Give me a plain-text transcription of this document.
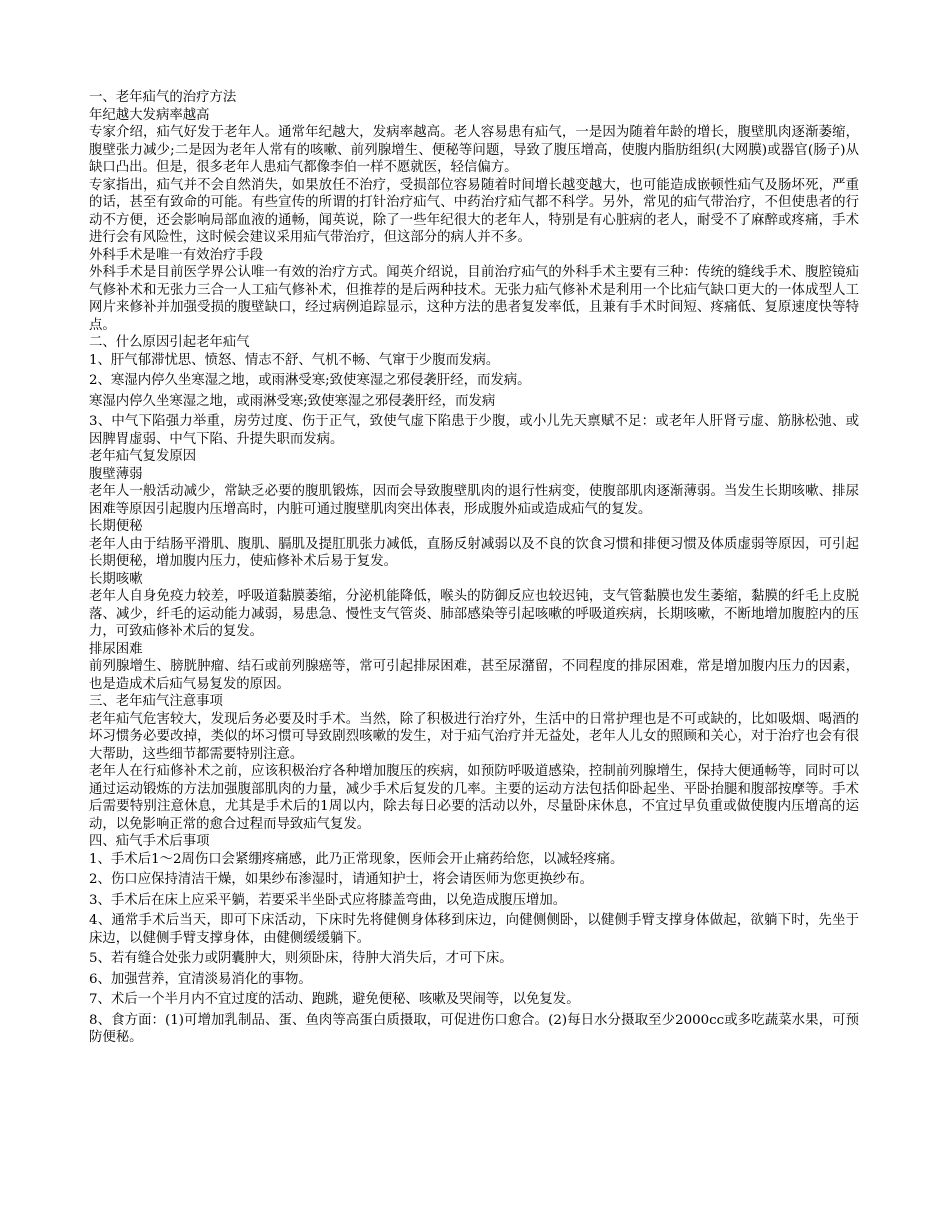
一、老年疝气的治疗方法

年纪越大发病率越高

专家介绍，疝气好发于老年人。通常年纪越大，发病率越高。老人容易患有疝气，一是因为随着年龄的增长，腹壁肌肉逐渐萎缩，腹壁张力减少;二是因为老年人常有的咳嗽、前列腺增生、便秘等问题，导致了腹压增高，使腹内脂肪组织(大网膜)或器官(肠子)从缺口凸出。但是，很多老年人患疝气都像李伯一样不愿就医，轻信偏方。

专家指出，疝气并不会自然消失，如果放任不治疗，受损部位容易随着时间增长越变越大，也可能造成嵌顿性疝气及肠坏死，严重的话，甚至有致命的可能。有些宣传的所谓的打针治疗疝气、中药治疗疝气都不科学。另外，常见的疝气带治疗，不但使患者的行动不方便，还会影响局部血液的通畅，闻英说，除了一些年纪很大的老年人，特别是有心脏病的老人，耐受不了麻醉或疼痛，手术进行会有风险性，这时候会建议采用疝气带治疗，但这部分的病人并不多。

外科手术是唯一有效治疗手段

外科手术是目前医学界公认唯一有效的治疗方式。闻英介绍说，目前治疗疝气的外科手术主要有三种：传统的缝线手术、腹腔镜疝气修补术和无张力三合一人工疝气修补术，但推荐的是后两种技术。无张力疝气修补术是利用一个比疝气缺口更大的一体成型人工网片来修补并加强受损的腹壁缺口，经过病例追踪显示，这种方法的患者复发率低，且兼有手术时间短、疼痛低、复原速度快等特点。

二、什么原因引起老年疝气

1、肝气郁滞忧思、愤怒、情志不舒、气机不畅、气窜于少腹而发病。

2、寒湿内停久坐寒湿之地，或雨淋受寒;致使寒湿之邪侵袭肝经，而发病。

寒湿内停久坐寒湿之地，或雨淋受寒;致使寒湿之邪侵袭肝经，而发病

3、中气下陷强力举重，房劳过度、伤于正气，致使气虚下陷患于少腹，或小儿先天禀赋不足：或老年人肝肾亏虚、筋脉松弛、或因脾胃虚弱、中气下陷、升提失职而发病。

老年疝气复发原因

腹壁薄弱

老年人一般活动减少，常缺乏必要的腹肌锻炼，因而会导致腹壁肌肉的退行性病变，使腹部肌肉逐渐薄弱。当发生长期咳嗽、排尿困难等原因引起腹内压增高时，内脏可通过腹壁肌肉突出体表，形成腹外疝或造成疝气的复发。

长期便秘

老年人由于结肠平滑肌、腹肌、膈肌及提肛肌张力减低，直肠反射减弱以及不良的饮食习惯和排便习惯及体质虚弱等原因，可引起长期便秘，增加腹内压力，使疝修补术后易于复发。

长期咳嗽

老年人自身免疫力较差，呼吸道黏膜萎缩，分泌机能降低，喉头的防御反应也较迟钝，支气管黏膜也发生萎缩，黏膜的纤毛上皮脱落、减少，纤毛的运动能力减弱，易患急、慢性支气管炎、肺部感染等引起咳嗽的呼吸道疾病，长期咳嗽，不断地增加腹腔内的压力，可致疝修补术后的复发。

排尿困难

前列腺增生、膀胱肿瘤、结石或前列腺癌等，常可引起排尿困难，甚至尿潴留，不同程度的排尿困难，常是增加腹内压力的因素，也是造成术后疝气易复发的原因。

三、老年疝气注意事项

老年疝气危害较大，发现后务必要及时手术。当然，除了积极进行治疗外，生活中的日常护理也是不可或缺的，比如吸烟、喝酒的坏习惯务必要改掉，类似的坏习惯可导致剧烈咳嗽的发生，对于疝气治疗并无益处，老年人儿女的照顾和关心，对于治疗也会有很大帮助，这些细节都需要特别注意。

老年人在行疝修补术之前，应该积极治疗各种增加腹压的疾病，如预防呼吸道感染，控制前列腺增生，保持大便通畅等，同时可以通过运动锻炼的方法加强腹部肌肉的力量，减少手术后复发的几率。主要的运动方法包括仰卧起坐、平卧抬腿和腹部按摩等。手术后需要特别注意休息，尤其是手术后的1周以内，除去每日必要的活动以外，尽量卧床休息，不宜过早负重或做使腹内压增高的运动，以免影响正常的愈合过程而导致疝气复发。

四、疝气手术后事项

1、手术后1～2周伤口会紧绷疼痛感，此乃正常现象，医师会开止痛药给您，以减轻疼痛。

2、伤口应保持清洁干燥，如果纱布渗湿时，请通知护士，将会请医师为您更换纱布。

3、手术后在床上应采平躺，若要采半坐卧式应将膝盖弯曲，以免造成腹压增加。

4、通常手术后当天，即可下床活动，下床时先将健侧身体移到床边，向健侧侧卧，以健侧手臂支撑身体做起，欲躺下时，先坐于床边，以健侧手臂支撑身体，由健侧缓缓躺下。

5、若有缝合处张力或阴囊肿大，则须卧床，待肿大消失后，才可下床。

6、加强营养，宜清淡易消化的事物。

7、术后一个半月内不宜过度的活动、跑跳，避免便秘、咳嗽及哭闹等，以免复发。

8、食方面：(1)可增加乳制品、蛋、鱼肉等高蛋白质摄取，可促进伤口愈合。(2)每日水分摄取至少2000cc或多吃蔬菜水果，可预防便秘。
